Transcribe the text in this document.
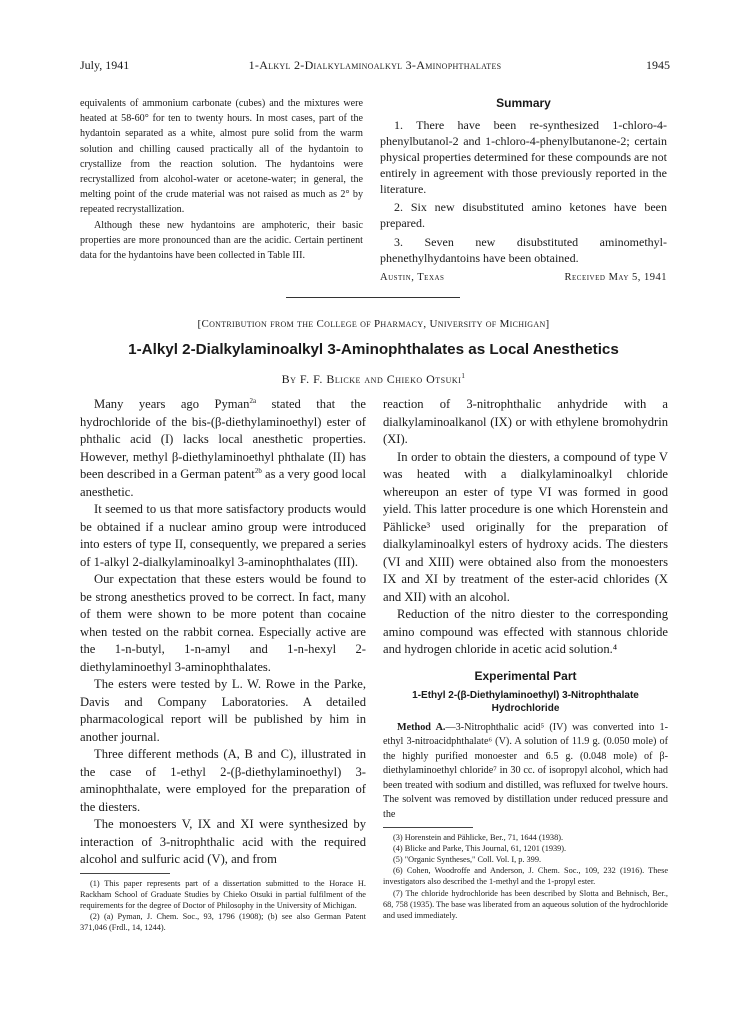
July, 1941	1-Alkyl 2-Dialkylaminoalkyl 3-Aminophthalates	1945

equivalents of ammonium carbonate (cubes) and the mixtures were heated at 58-60° for ten to twenty hours. In most cases, part of the hydantoin separated as a white, almost pure solid from the warm solution and chilling caused practically all of the hydantoin to crystallize from the reaction solution. The hydantoins were recrystallized from alcohol-water or acetone-water; in general, the melting point of the crude material was not raised as much as 2° by repeated recrystallization.

Although these new hydantoins are amphoteric, their basic properties are more pronounced than are the acidic. Certain pertinent data for the hydantoins have been collected in Table III.

Summary

1. There have been re-synthesized 1-chloro-4-phenylbutanol-2 and 1-chloro-4-phenylbutanone-2; certain physical properties determined for these compounds are not entirely in agreement with those previously reported in the literature.

2. Six new disubstituted amino ketones have been prepared.

3. Seven new disubstituted aminomethyl-phenethylhydantoins have been obtained.

Austin, Texas	Received May 5, 1941
[Contribution from the College of Pharmacy, University of Michigan]
1-Alkyl 2-Dialkylaminoalkyl 3-Aminophthalates as Local Anesthetics
By F. F. Blicke and Chieko Otsuki$^1$

Many years ago Pyman$^{2a}$ stated that the hydrochloride of the bis-(β-diethylaminoethyl) ester of phthalic acid (I) lacks local anesthetic properties. However, methyl β-diethylaminoethyl phthalate (II) has been described in a German patent$^{2b}$ as a very good local anesthetic.

It seemed to us that more satisfactory products would be obtained if a nuclear amino group were introduced into esters of type II, consequently, we prepared a series of 1-alkyl 2-dialkylaminoalkyl 3-aminophthalates (III).

Our expectation that these esters would be found to be strong anesthetics proved to be correct. In fact, many of them were shown to be more potent than cocaine when tested on the rabbit cornea. Especially active are the 1-n-butyl, 1-n-amyl and 1-n-hexyl 2-diethylaminoethyl 3-aminophthalates.

The esters were tested by L. W. Rowe in the Parke, Davis and Company Laboratories. A detailed pharmacological report will be published by him in another journal.

Three different methods (A, B and C), illustrated in the case of 1-ethyl 2-(β-diethylaminoethyl) 3-aminophthalate, were employed for the preparation of the diesters.

The monoesters V, IX and XI were synthesized by interaction of 3-nitrophthalic acid with the required alcohol and sulfuric acid (V), and from

(1) This paper represents part of a dissertation submitted to the Horace H. Rackham School of Graduate Studies by Chieko Otsuki in partial fulfilment of the requirements for the degree of Doctor of Philosophy in the University of Michigan.

(2) (a) Pyman, J. Chem. Soc., 93, 1796 (1908); (b) see also German Patent 371,046 (Frdl., 14, 1244).

reaction of 3-nitrophthalic anhydride with a dialkylaminoalkanol (IX) or with ethylene bromohydrin (XI).

In order to obtain the diesters, a compound of type V was heated with a dialkylaminoalkyl chloride whereupon an ester of type VI was formed in good yield. This latter procedure is one which Horenstein and Pählicke³ used originally for the preparation of dialkylaminoalkyl esters of hydroxy acids. The diesters (VI and XIII) were obtained also from the monoesters IX and XI by treatment of the ester-acid chlorides (X and XII) with an alcohol.

Reduction of the nitro diester to the corresponding amino compound was effected with stannous chloride and hydrogen chloride in acetic acid solution.⁴

Experimental Part

1-Ethyl 2-(β-Diethylaminoethyl) 3-Nitrophthalate Hydrochloride

Method A.—3-Nitrophthalic acid⁵ (IV) was converted into 1-ethyl 3-nitroacidphthalate⁶ (V). A solution of 11.9 g. (0.050 mole) of the highly purified monoester and 6.5 g. (0.048 mole) of β-diethylaminoethyl chloride⁷ in 30 cc. of isopropyl alcohol, which had been treated with sodium and distilled, was refluxed for twelve hours. The solvent was removed by distillation under reduced pressure and the

(3) Horenstein and Pählicke, Ber., 71, 1644 (1938).

(4) Blicke and Parke, This Journal, 61, 1201 (1939).

(5) "Organic Syntheses," Coll. Vol. I, p. 399.

(6) Cohen, Woodroffe and Anderson, J. Chem. Soc., 109, 232 (1916). These investigators also described the 1-methyl and the 1-propyl ester.

(7) The chloride hydrochloride has been described by Slotta and Behnisch, Ber., 68, 758 (1935). The base was liberated from an aqueous solution of the hydrochloride and used immediately.
